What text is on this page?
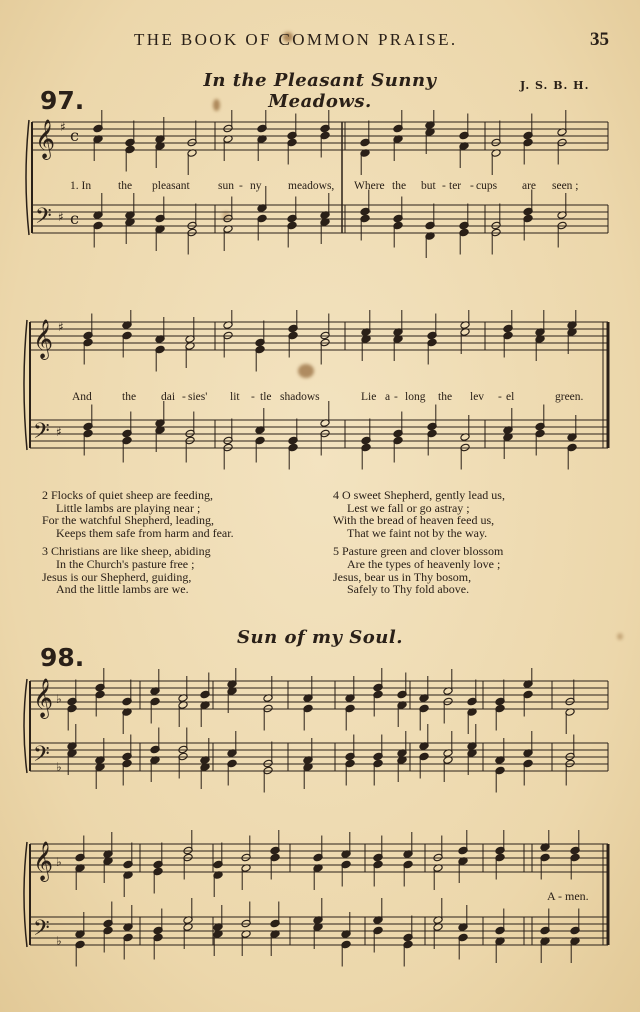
THE BOOK OF COMMON PRAISE.	35
97.
In the Pleasant Sunny Meadows.
J. S. B. H.
𝄞
𝄢
♯
♯
c
c
𝄞
𝄢
♯
♯
1. In the pleasant sun - ny meadows, Where the but - ter - cups are seen ;
And	the dai - sies' lit - tle shadows	Lie a - long the lev - el	green.
2 Flocks of quiet sheep are feeding,
Little lambs are playing near ;
For the watchful Shepherd, leading,
Keeps them safe from harm and fear.
3 Christians are like sheep, abiding
In the Church's pasture free ;
Jesus is our Shepherd, guiding,
And the little lambs are we.
4 O sweet Shepherd, gently lead us,
Lest we fall or go astray ;
With the bread of heaven feed us,
That we faint not by the way.
5 Pasture green and clover blossom
Are the types of heavenly love ;
Jesus, bear us in Thy bosom,
Safely to Thy fold above.
98.
Sun of my Soul.
𝄞
𝄢
♭
♭
𝄞
𝄢
♭
♭
A - men.
